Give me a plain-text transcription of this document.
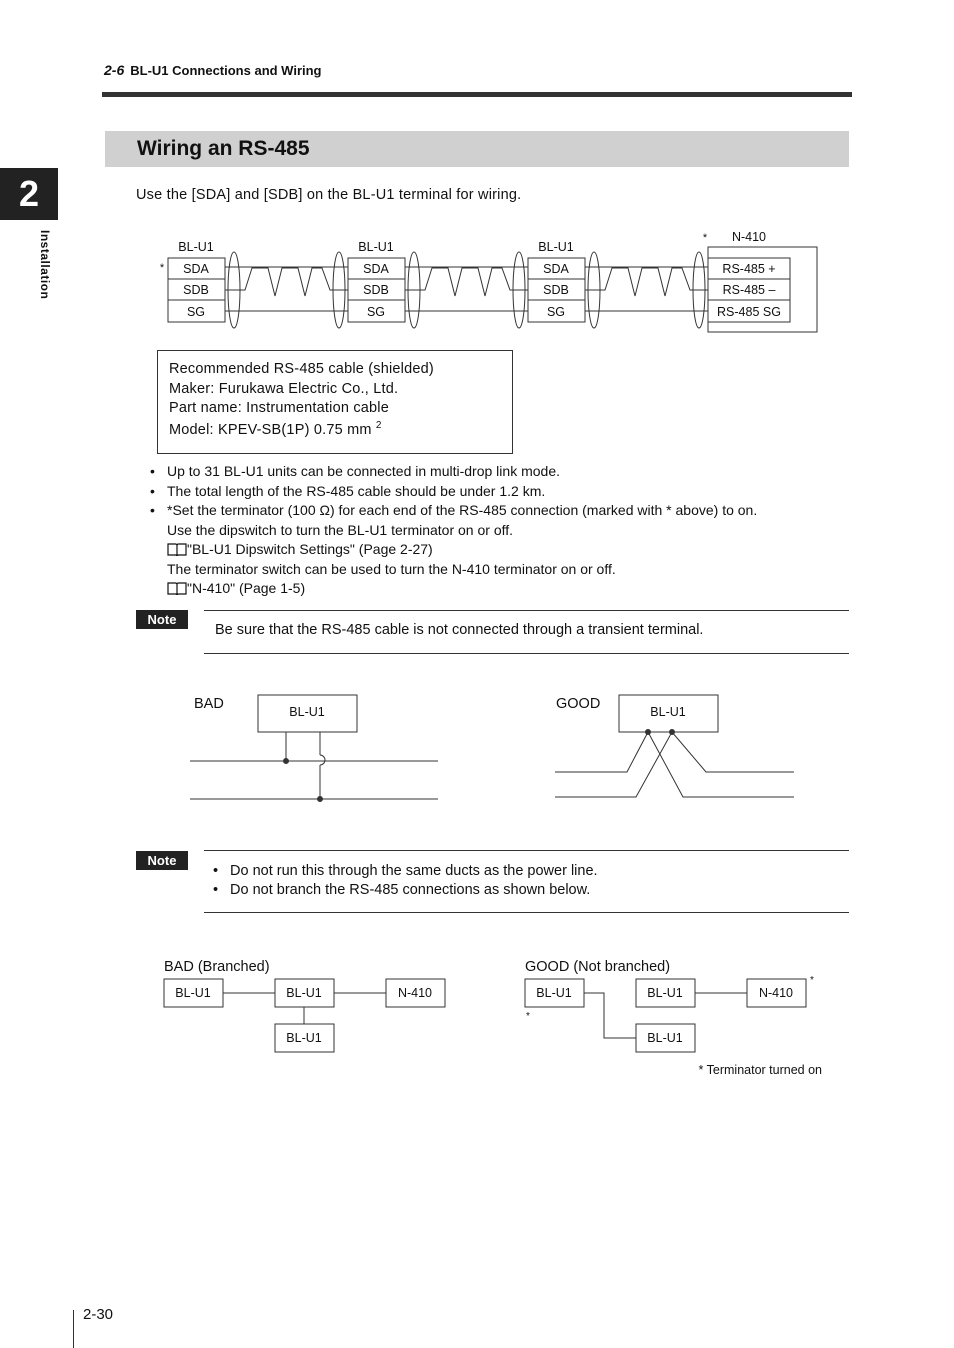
2-6 BL-U1 Connections and Wiring
2
Installation
Wiring an RS-485
Use the [SDA] and [SDB] on the BL-U1 terminal for wiring.
BL-U1
SDA
SDB
SG
BL-U1
SDA
SDB
SG
BL-U1
SDA
SDB
SG
N-410
RS-485 +
RS-485 –
RS-485 SG
*
*
Recommended RS-485 cable (shielded)
Maker: Furukawa Electric Co., Ltd.
Part name: Instrumentation cable
Model: KPEV-SB(1P) 0.75 mm $^2$
• Up to 31 BL-U1 units can be connected in multi-drop link mode.
• The total length of the RS-485 cable should be under 1.2 km.
• *Set the terminator (100 Ω) for each end of the RS-485 connection (marked with * above) to on.
Use the dipswitch to turn the BL-U1 terminator on or off.
"BL-U1 Dipswitch Settings" (Page 2-27)
The terminator switch can be used to turn the N-410 terminator on or off.
"N-410" (Page 1-5)
Note
Be sure that the RS-485 cable is not connected through a transient terminal.
BAD	BL-U1	GOOD	BL-U1
Note
• Do not run this through the same ducts as the power line.
• Do not branch the RS-485 connections as shown below.
BAD (Branched)
BL-U1	BL-U1	N-410
BL-U1
GOOD (Not branched)
BL-U1	BL-U1	N-410
BL-U1
*
*
* Terminator turned on
2-30
